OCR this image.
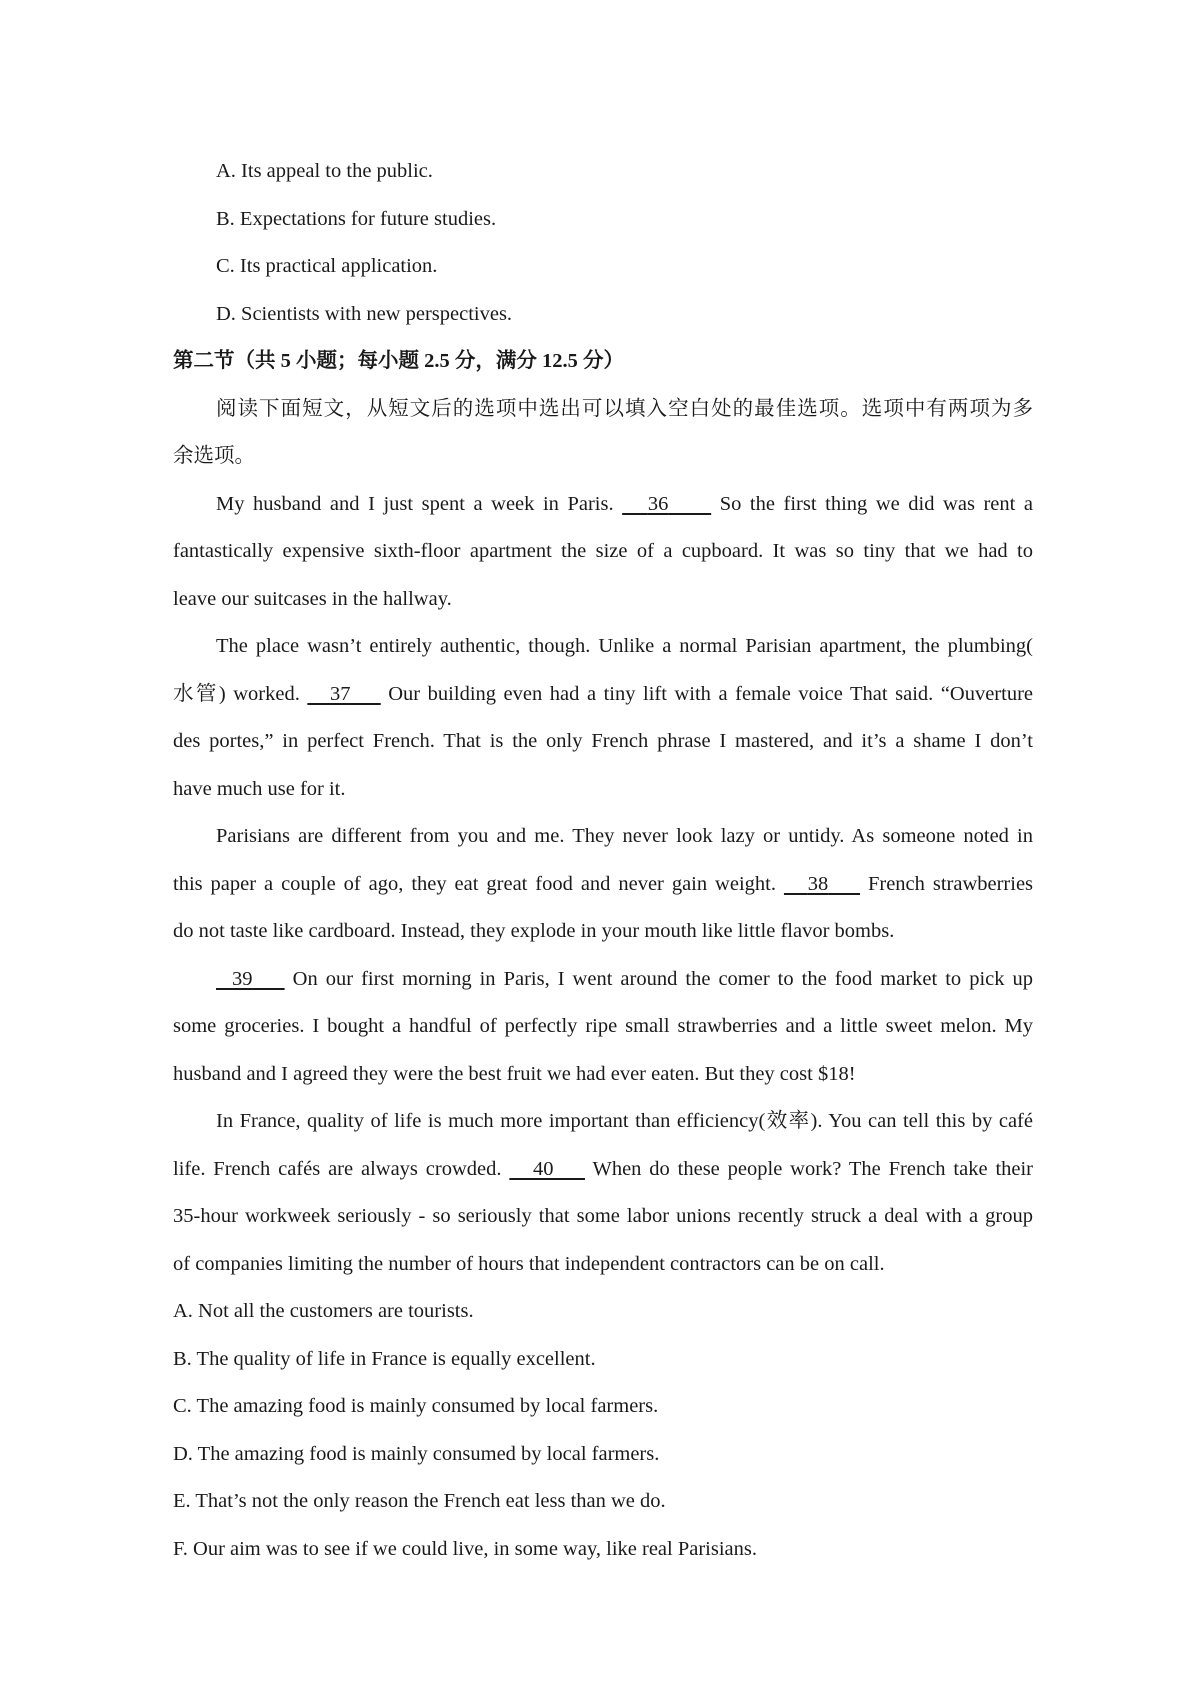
A. Its appeal to the public.
B. Expectations for future studies.
C. Its practical application.
D. Scientists with new perspectives.
第二节（共 5 小题；每小题 2.5 分，满分 12.5 分）
阅读下面短文，从短文后的选项中选出可以填入空白处的最佳选项。选项中有两项为多
余选项。
My husband and I just spent a week in Paris. 36	So the first thing we did was rent a
fantastically expensive sixth-floor apartment the size of a cupboard. It was so tiny that we had to
leave our suitcases in the hallway.
The place wasn’t entirely authentic, though. Unlike a normal Parisian apartment, the plumbing(
水管) worked. 37 Our building even had a tiny lift with a female voice That said. “Ouverture
des portes,” in perfect French. That is the only French phrase I mastered, and it’s a shame I don’t
have much use for it.
Parisians are different from you and me. They never look lazy or untidy. As someone noted in
this paper a couple of ago, they eat great food and never gain weight. 38 French strawberries
do not taste like cardboard. Instead, they explode in your mouth like little flavor bombs.
39 On our first morning in Paris, I went around the comer to the food market to pick up
some groceries. I bought a handful of perfectly ripe small strawberries and a little sweet melon. My
husband and I agreed they were the best fruit we had ever eaten. But they cost $18!
In France, quality of life is much more important than efficiency(效率). You can tell this by café
life. French cafés are always crowded. 40 When do these people work? The French take their
35-hour workweek seriously - so seriously that some labor unions recently struck a deal with a group
of companies limiting the number of hours that independent contractors can be on call.
A. Not all the customers are tourists.
B. The quality of life in France is equally excellent.
C. The amazing food is mainly consumed by local farmers.
D. The amazing food is mainly consumed by local farmers.
E. That’s not the only reason the French eat less than we do.
F. Our aim was to see if we could live, in some way, like real Parisians.
